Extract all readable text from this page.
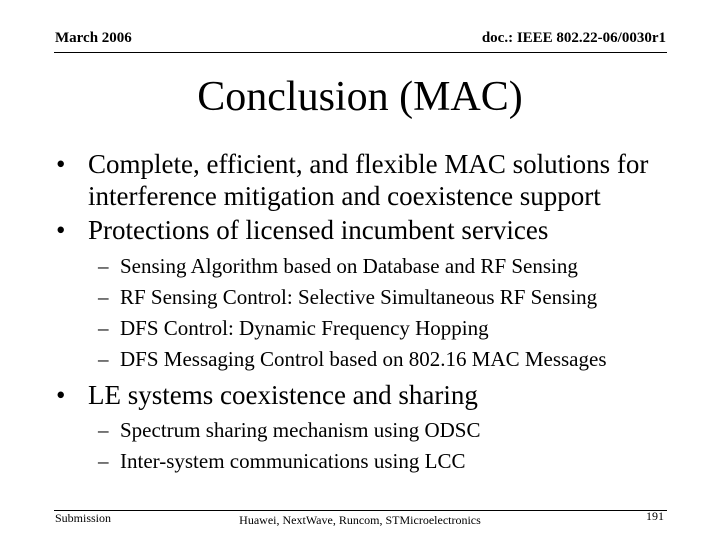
March 2006	doc.: IEEE 802.22-06/0030r1
Conclusion (MAC)
• Complete, efficient, and flexible MAC solutions for interference mitigation and coexistence support
• Protections of licensed incumbent services
– Sensing Algorithm based on Database and RF Sensing
– RF Sensing Control: Selective Simultaneous RF Sensing
– DFS Control: Dynamic Frequency Hopping
– DFS Messaging Control based on 802.16 MAC Messages
• LE systems coexistence and sharing
– Spectrum sharing mechanism using ODSC
– Inter-system communications using LCC
Submission	Huawei, NextWave, Runcom, STMicroelectronics	191
